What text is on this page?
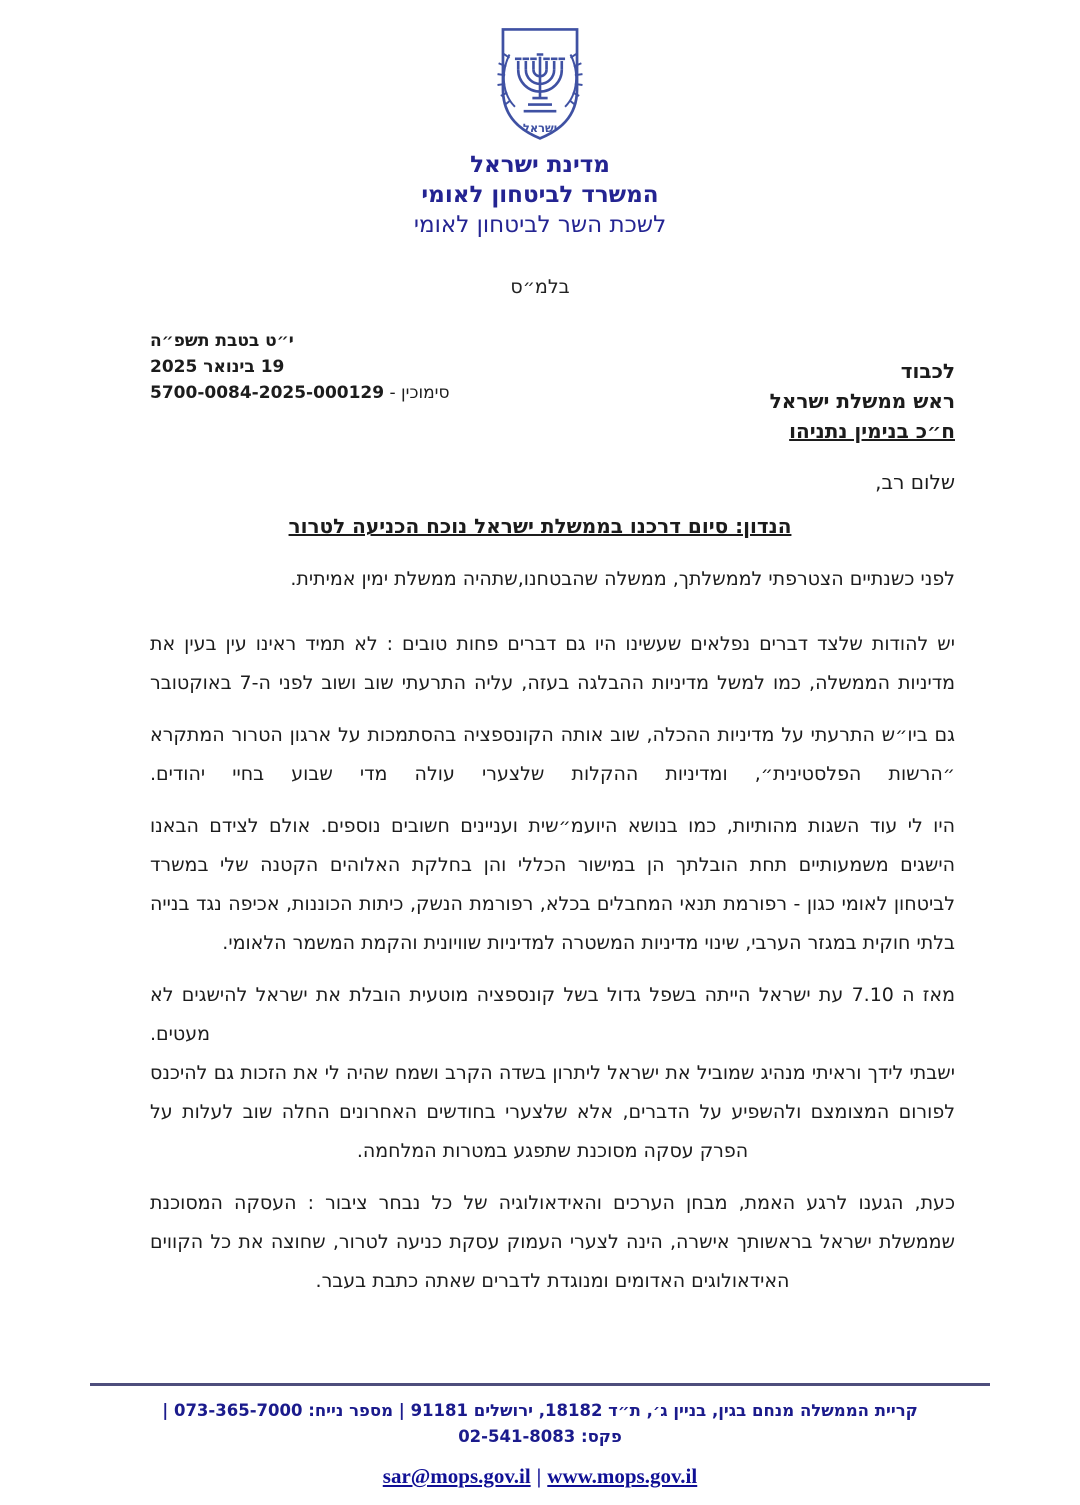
ישראל
מדינת ישראל
המשרד לביטחון לאומי
לשכת השר לביטחון לאומי
בלמ״ס
לכבוד
ראש ממשלת ישראל
ח״כ בנימין נתניהו
י״ט בטבת תשפ״ה
19 בינואר 2025
סימוכין - 5700-0084-2025-000129
שלום רב,
הנדון: סיום דרכנו בממשלת ישראל נוכח הכניעה לטרור

לפני כשנתיים הצטרפתי לממשלתך, ממשלה שהבטחנו,שתהיה ממשלת ימין אמיתית.

יש להודות שלצד דברים נפלאים שעשינו היו גם דברים פחות טובים : לא תמיד ראינו עין בעין את מדיניות הממשלה, כמו למשל מדיניות ההבלגה בעזה, עליה התרעתי שוב ושוב לפני ה-7 באוקטובר

גם ביו״ש התרעתי על מדיניות ההכלה, שוב אותה הקונספציה בהסתמכות על ארגון הטרור המתקרא ״הרשות הפלסטינית״, ומדיניות ההקלות שלצערי עולה מדי שבוע בחיי יהודים.

היו לי עוד השגות מהותיות, כמו בנושא היועמ״שית ועניינים חשובים נוספים. אולם לצידם הבאנו הישגים משמעותיים תחת הובלתך הן במישור הכללי והן בחלקת האלוהים הקטנה שלי במשרד לביטחון לאומי כגון - רפורמת תנאי המחבלים בכלא, רפורמת הנשק, כיתות הכוננות, אכיפה נגד בנייה בלתי חוקית במגזר הערבי, שינוי מדיניות המשטרה למדיניות שוויונית והקמת המשמר הלאומי.

מאז ה 7.10 עת ישראל הייתה בשפל גדול בשל קונספציה מוטעית הובלת את ישראל להישגים לא מעטים.

ישבתי לידך וראיתי מנהיג שמוביל את ישראל ליתרון בשדה הקרב ושמח שהיה לי את הזכות גם להיכנס לפורום המצומצם ולהשפיע על הדברים, אלא שלצערי בחודשים האחרונים החלה שוב לעלות על הפרק עסקה מסוכנת שתפגע במטרות המלחמה.

כעת, הגענו לרגע האמת, מבחן הערכים והאידאולוגיה של כל נבחר ציבור : העסקה המסוכנת שממשלת ישראל בראשותך אישרה, הינה לצערי העמוק עסקת כניעה לטרור, שחוצה את כל הקווים האידאולוגים האדומים ומנוגדת לדברים שאתה כתבת בעבר.

קריית הממשלה מנחם בגין, בניין ג׳, ת״ד 18182, ירושלים 91181 | מספר נייח: 073-365-7000 |
פקס: 02-541-8083
sar@mops.gov.il | www.mops.gov.il
